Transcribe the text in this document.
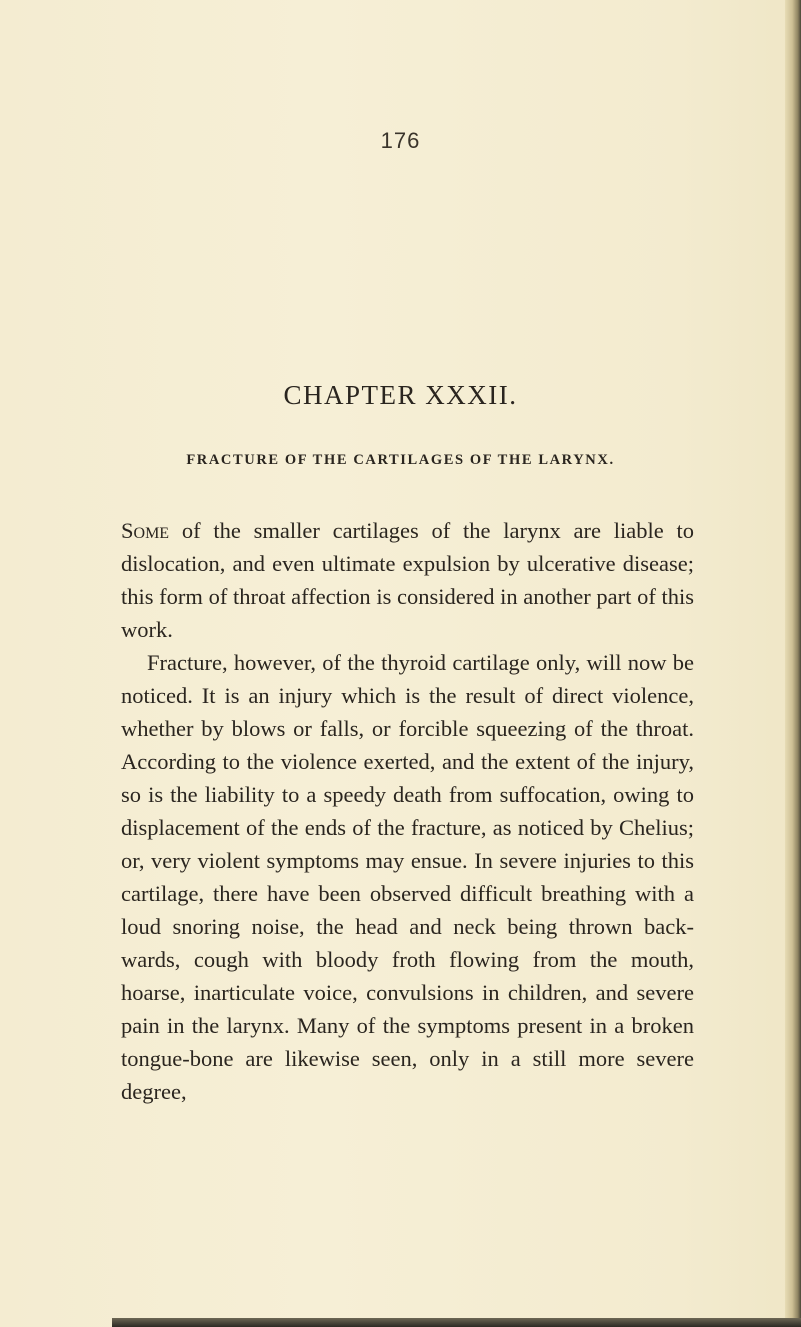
176
CHAPTER XXXII.
FRACTURE OF THE CARTILAGES OF THE LARYNX.

Some of the smaller cartilages of the larynx are liable to dislocation, and even ultimate expulsion by ulcerative disease; this form of throat affection is considered in another part of this work.

Fracture, however, of the thyroid cartilage only, will now be noticed. It is an injury which is the result of direct violence, whether by blows or falls, or forcible squeezing of the throat. According to the violence exerted, and the extent of the injury, so is the liability to a speedy death from suffocation, owing to displacement of the ends of the fracture, as noticed by Chelius; or, very violent symptoms may ensue. In severe injuries to this cartilage, there have been observed difficult breathing with a loud snoring noise, the head and neck being thrown back-wards, cough with bloody froth flowing from the mouth, hoarse, inarticulate voice, convulsions in children, and severe pain in the larynx. Many of the symptoms present in a broken tongue-bone are likewise seen, only in a still more severe degree,
